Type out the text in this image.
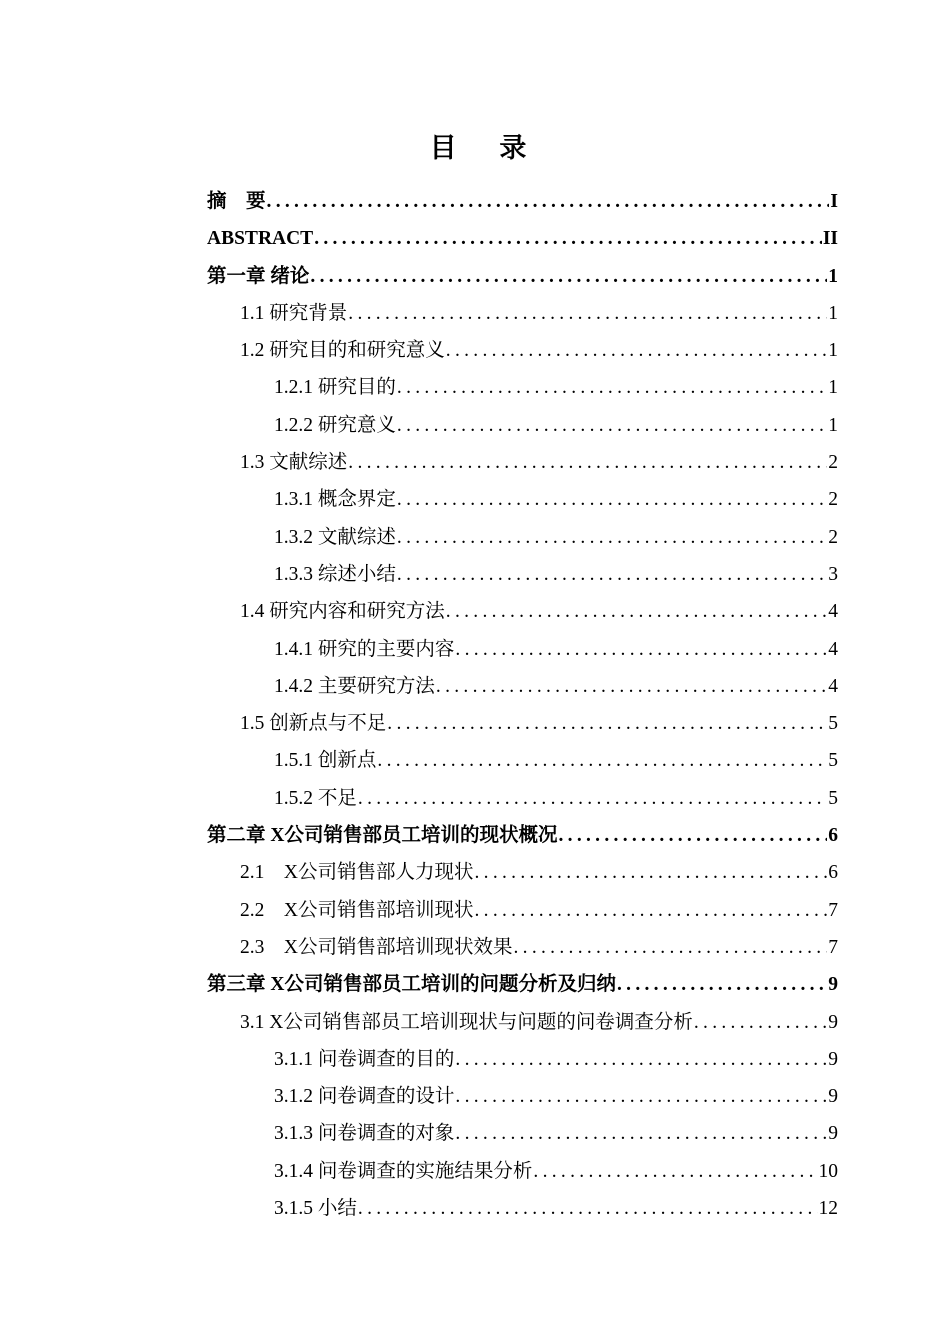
目 录
摘　要 .....	I
ABSTRACT .....	II
第一章 绪论 .....	1
1.1 研究背景 .....	1
1.2 研究目的和研究意义 .....	1
1.2.1 研究目的 .....	1
1.2.2 研究意义 .....	1
1.3 文献综述 .....	2
1.3.1 概念界定 .....	2
1.3.2 文献综述 .....	2
1.3.3 综述小结 .....	3
1.4 研究内容和研究方法 .....	4
1.4.1 研究的主要内容 .....	4
1.4.2 主要研究方法 .....	4
1.5 创新点与不足 .....	5
1.5.1 创新点 .....	5
1.5.2 不足 .....	5
第二章 X公司销售部员工培训的现状概况 .....	6
2.1　X公司销售部人力现状 .....	6
2.2　X公司销售部培训现状 .....	7
2.3　X公司销售部培训现状效果 .....	7
第三章 X公司销售部员工培训的问题分析及归纳 .....	9
3.1 X公司销售部员工培训现状与问题的问卷调查分析 .....	9
3.1.1 问卷调查的目的 .....	9
3.1.2 问卷调查的设计 .....	9
3.1.3 问卷调查的对象 .....	9
3.1.4 问卷调查的实施结果分析 .....	10
3.1.5 小结 .....	12
